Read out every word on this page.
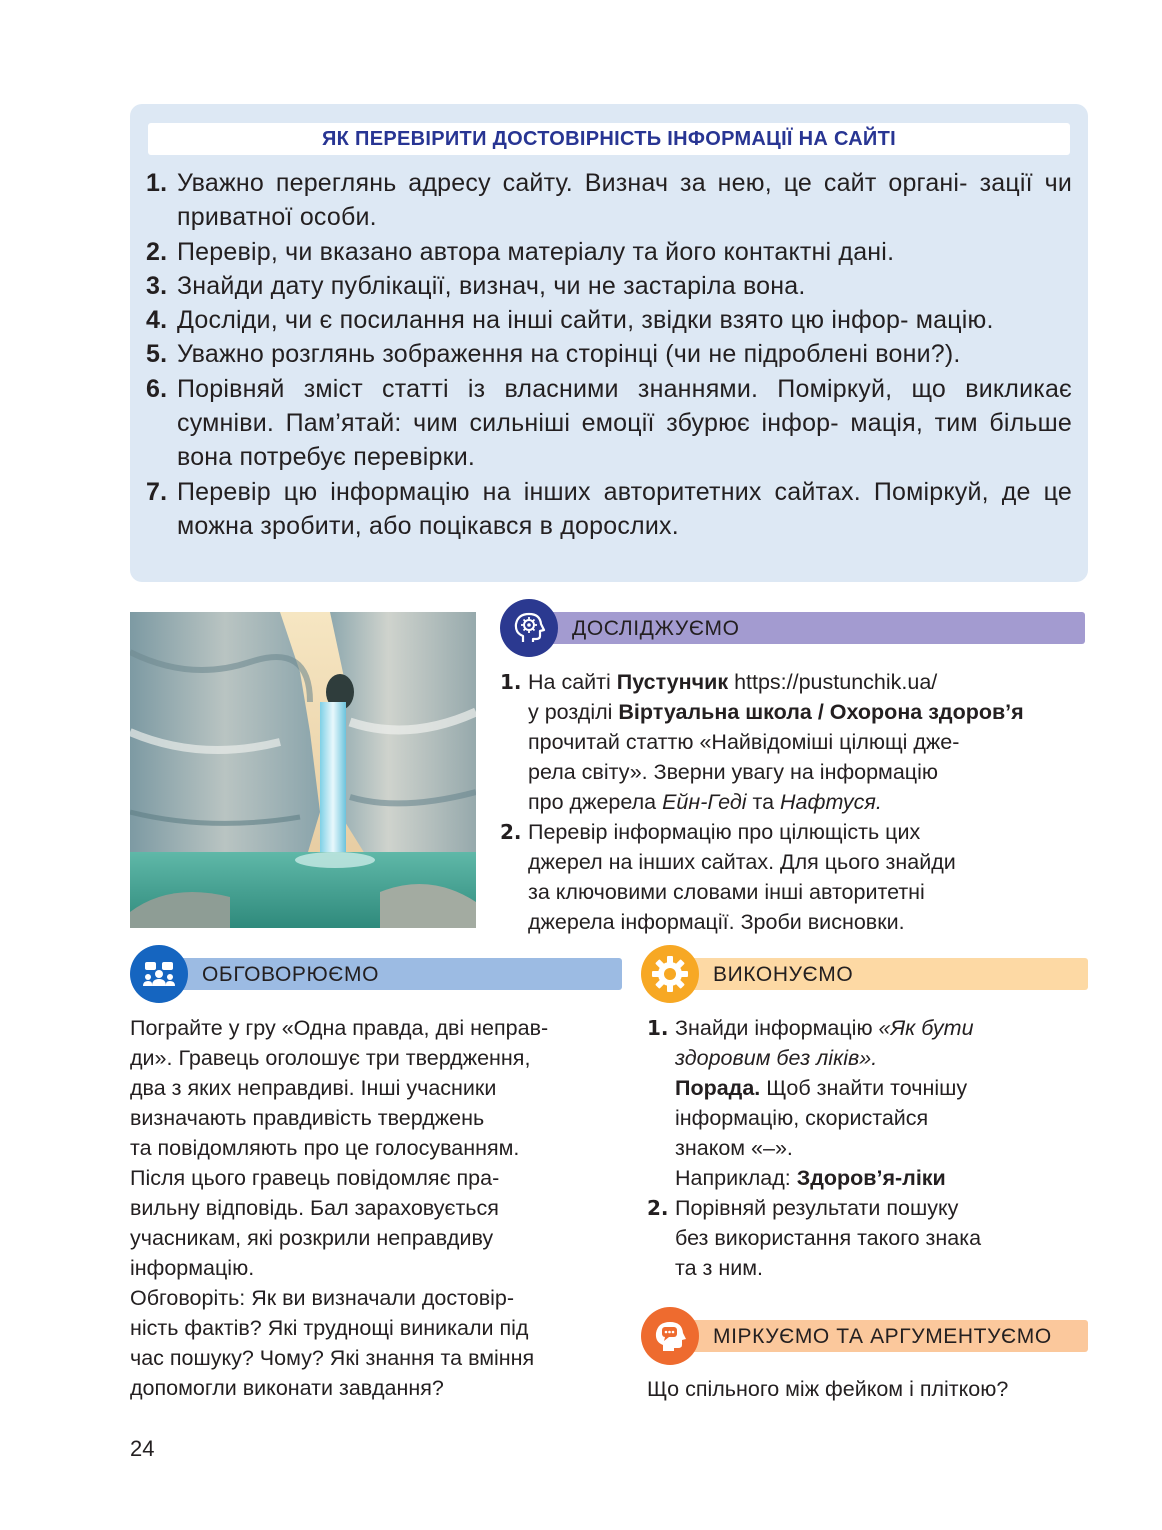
ЯК ПЕРЕВІРИТИ ДОСТОВІРНІСТЬ ІНФОРМАЦІЇ НА САЙТІ
1. Уважно переглянь адресу сайту. Визнач за нею, це сайт органі- зації чи приватної особи.
2. Перевір, чи вказано автора матеріалу та його контактні дані.
3. Знайди дату публікації, визнач, чи не застаріла вона.
4. Досліди, чи є посилання на інші сайти, звідки взято цю інфор- мацію.
5. Уважно розглянь зображення на сторінці (чи не підроблені вони?).
6. Порівняй зміст статті із власними знаннями. Поміркуй, що викликає сумніви. Пам’ятай: чим сильніші емоції збурює інфор- мація, тим більше вона потребує перевірки.
7. Перевір цю інформацію на інших авторитетних сайтах. Поміркуй, де це можна зробити, або поцікався в дорослих.
ДОСЛІДЖУЄМО
1. На сайті Пустунчик https://pustunchik.ua/
у розділі Віртуальна школа / Охорона здоров’я
прочитай статтю «Найвідоміші цілющі дже-
рела світу». Зверни увагу на інформацію
про джерела Ейн-Геді та Нафтуся.
2. Перевір інформацію про цілющість цих
джерел на інших сайтах. Для цього знайди
за ключовими словами інші авторитетні
джерела інформації. Зроби висновки.
ОБГОВОРЮЄМО
Пограйте у гру «Одна правда, дві неправ-
ди». Гравець оголошує три твердження,
два з яких неправдиві. Інші учасники
визначають правдивість тверджень
та повідомляють про це голосуванням.
Після цього гравець повідомляє пра-
вильну відповідь. Бал зараховується
учасникам, які розкрили неправдиву
інформацію.
Обговоріть: Як ви визначали достовір-
ність фактів? Які труднощі виникали під
час пошуку? Чому? Які знання та вміння
допомогли виконати завдання?
ВИКОНУЄМО
1. Знайди інформацію «Як бути
здоровим без ліків».
Порада. Щоб знайти точнішу
інформацію, скористайся
знаком «–».
Наприклад: Здоров’я-ліки
2. Порівняй результати пошуку
без використання такого знака
та з ним.
МІРКУЄМО ТА АРГУМЕНТУЄМО

Що спільного між фейком і пліткою?

24
